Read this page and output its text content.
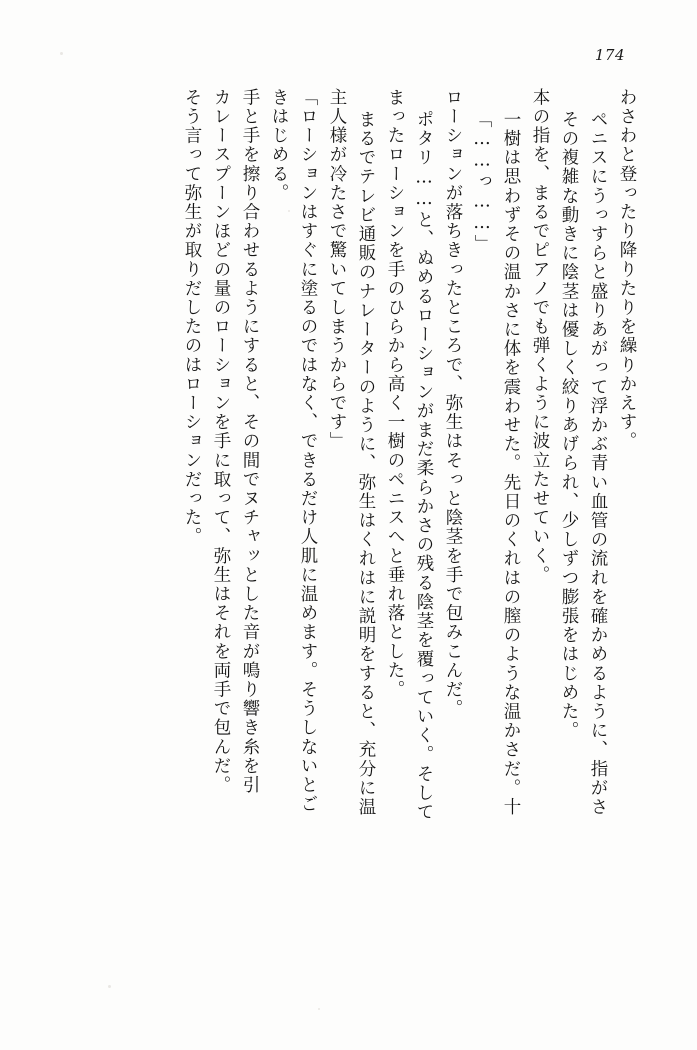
174
そう言って弥生が取りだしたのはローションだった。 カレースプーンほどの量のローションを手に取って、弥生はそれを両手で包んだ。 手と手を擦り合わせるようにすると、その間でヌチャッとした音が鳴り響き糸を引 きはじめる。 「ローションはすぐに塗るのではなく、できるだけ人肌に温めます。そうしないとご 主人様が冷たさで驚いてしまうからです」 まるでテレビ通販のナレーターのように、弥生はくれはに説明をすると、充分に温 まったローションを手のひらから高く一樹のペニスへと垂れ落とした。 ポタリ……と、ぬめるローションがまだ柔らかさの残る陰茎を覆っていく。そして ローションが落ちきったところで、弥生はそっと陰茎を手で包みこんだ。 「……っ……」 一樹は思わずその温かさに体を震わせた。先日のくれはの膣のような温かさだ。十 本の指を、まるでピアノでも弾くように波立たせていく。 その複雑な動きに陰茎は優しく絞りあげられ、少しずつ膨張をはじめた。 ペニスにうっすらと盛りあがって浮かぶ青い血管の流れを確かめるように、指がさ わさわと登ったり降りたりを繰りかえす。
